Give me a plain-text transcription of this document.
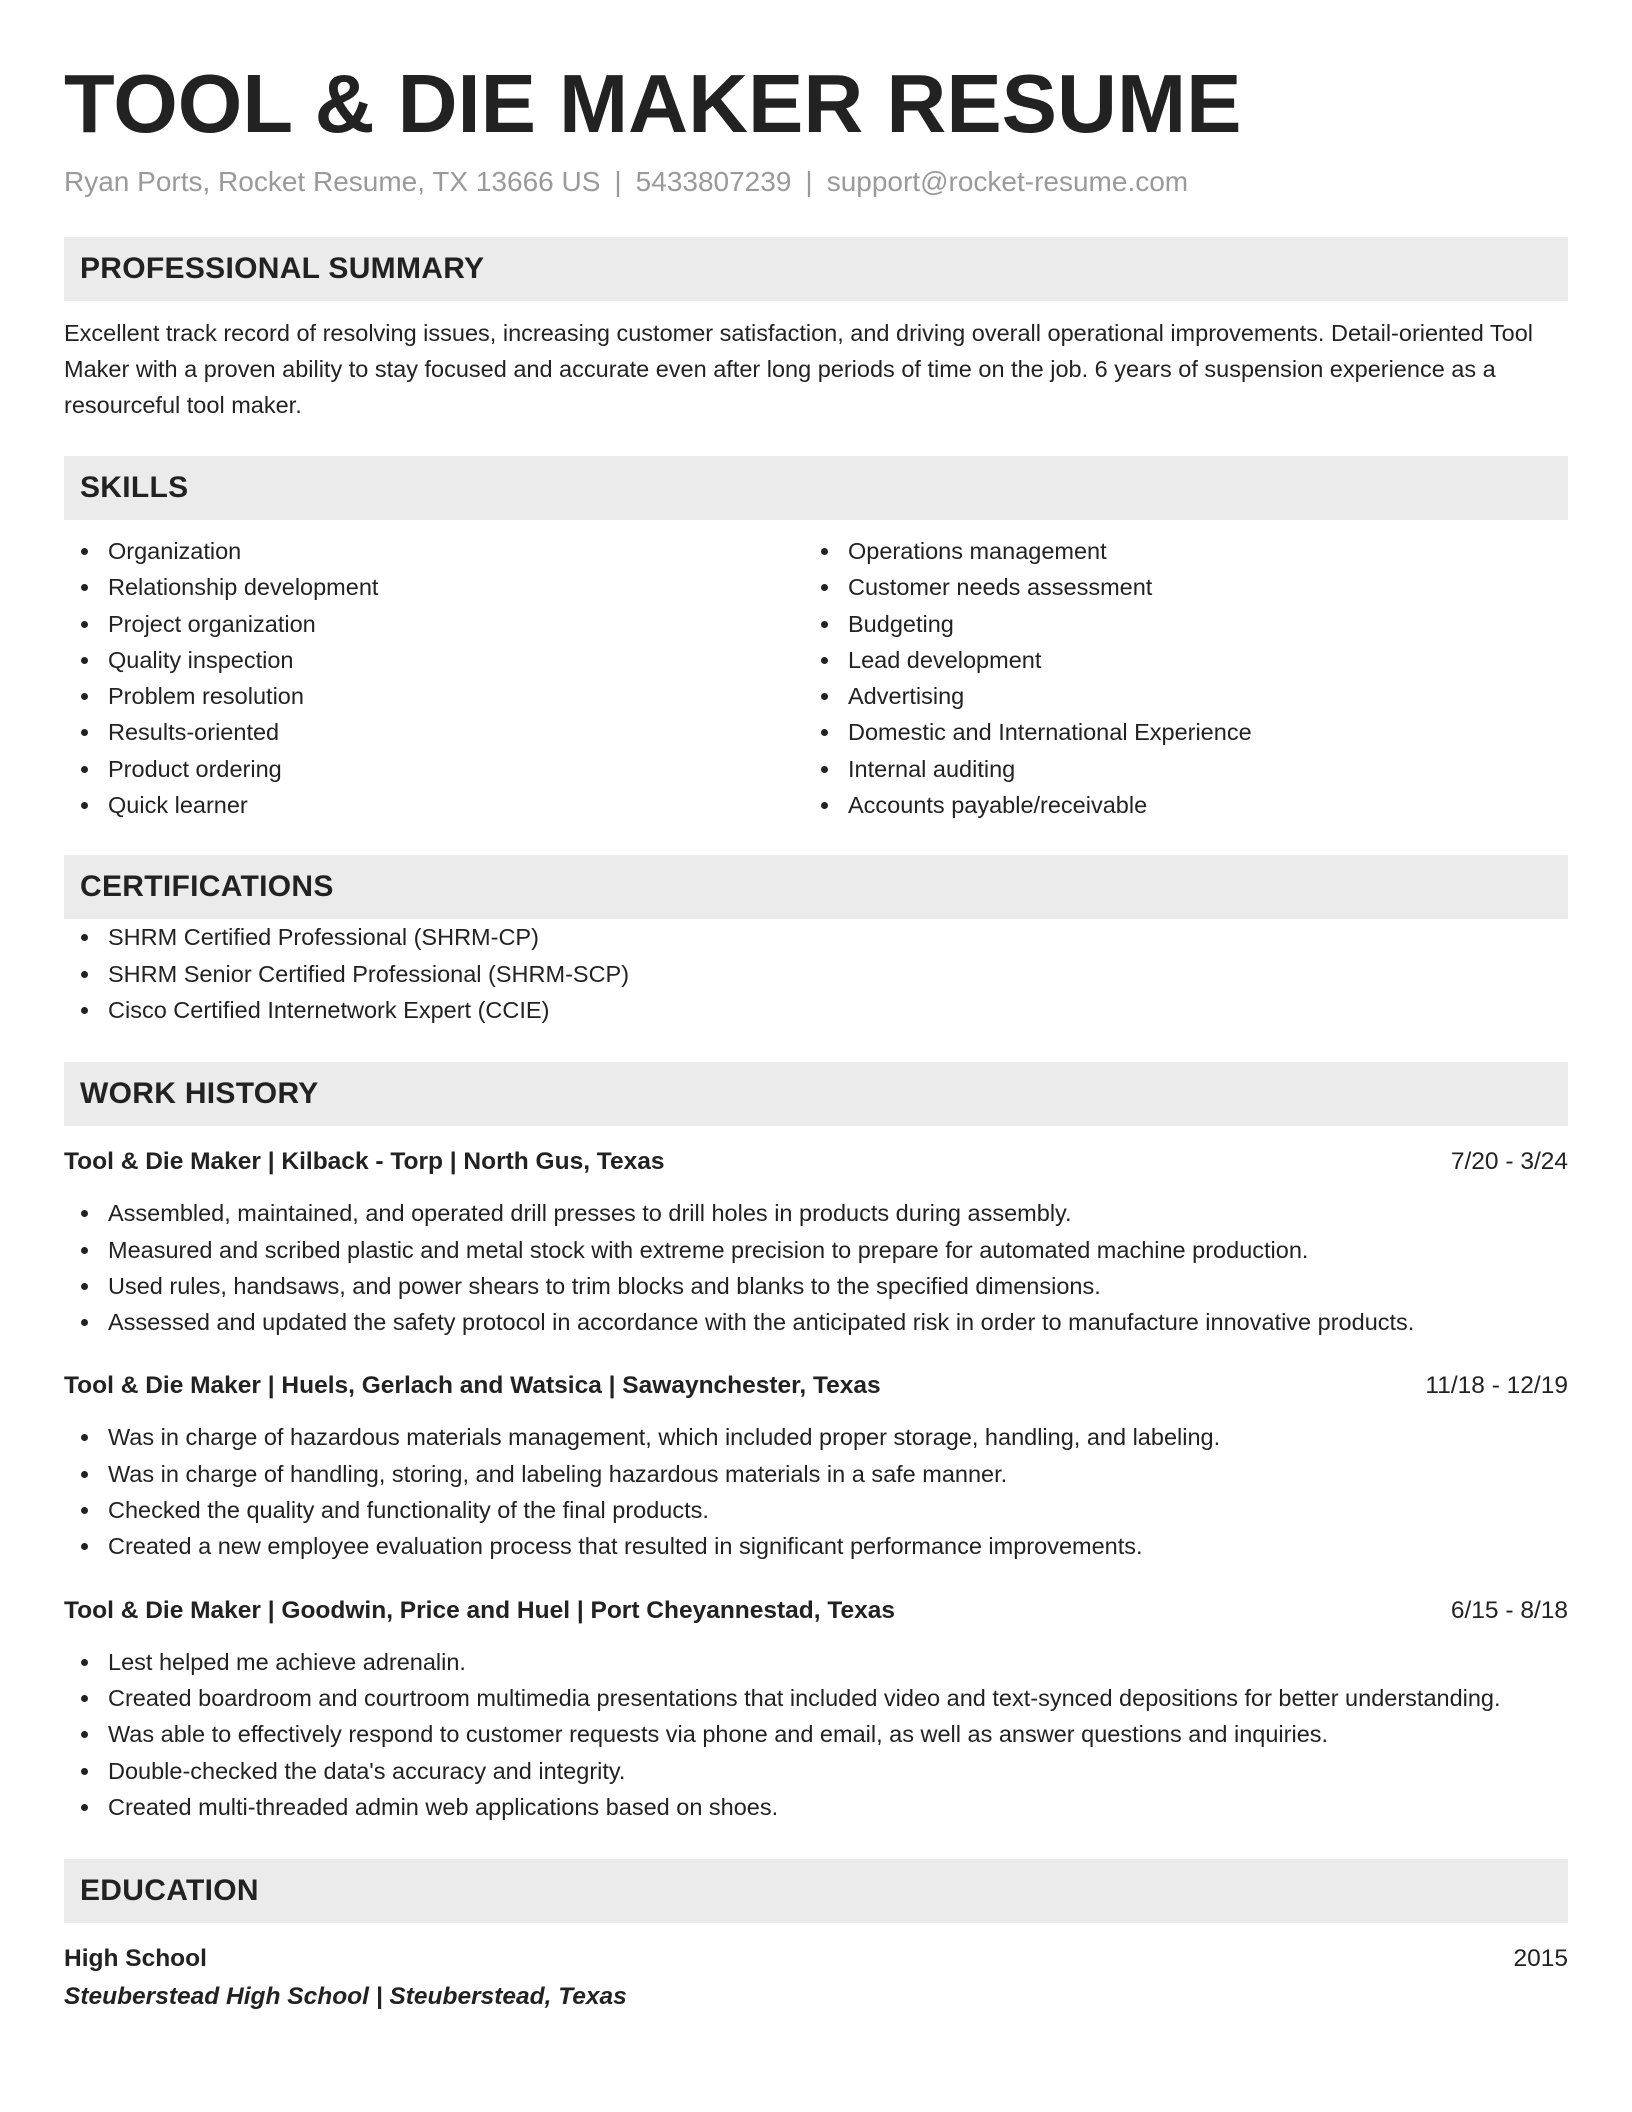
TOOL & DIE MAKER RESUME
Ryan Ports, Rocket Resume, TX 13666 US | 5433807239 | support@rocket-resume.com
PROFESSIONAL SUMMARY

Excellent track record of resolving issues, increasing customer satisfaction, and driving overall operational improvements. Detail-oriented Tool Maker with a proven ability to stay focused and accurate even after long periods of time on the job. 6 years of suspension experience as a resourceful tool maker.

SKILLS
Organization
Relationship development
Project organization
Quality inspection
Problem resolution
Results-oriented
Product ordering
Quick learner
Operations management
Customer needs assessment
Budgeting
Lead development
Advertising
Domestic and International Experience
Internal auditing
Accounts payable/receivable
CERTIFICATIONS
SHRM Certified Professional (SHRM-CP)
SHRM Senior Certified Professional (SHRM-SCP)
Cisco Certified Internetwork Expert (CCIE)
WORK HISTORY
Tool & Die Maker | Kilback - Torp | North Gus, Texas	7/20 - 3/24
Assembled, maintained, and operated drill presses to drill holes in products during assembly.
Measured and scribed plastic and metal stock with extreme precision to prepare for automated machine production.
Used rules, handsaws, and power shears to trim blocks and blanks to the specified dimensions.
Assessed and updated the safety protocol in accordance with the anticipated risk in order to manufacture innovative products.
Tool & Die Maker | Huels, Gerlach and Watsica | Sawaynchester, Texas	11/18 - 12/19
Was in charge of hazardous materials management, which included proper storage, handling, and labeling.
Was in charge of handling, storing, and labeling hazardous materials in a safe manner.
Checked the quality and functionality of the final products.
Created a new employee evaluation process that resulted in significant performance improvements.
Tool & Die Maker | Goodwin, Price and Huel | Port Cheyannestad, Texas	6/15 - 8/18
Lest helped me achieve adrenalin.
Created boardroom and courtroom multimedia presentations that included video and text-synced depositions for better understanding.
Was able to effectively respond to customer requests via phone and email, as well as answer questions and inquiries.
Double-checked the data's accuracy and integrity.
Created multi-threaded admin web applications based on shoes.
EDUCATION
High School	2015
Steuberstead High School | Steuberstead, Texas
